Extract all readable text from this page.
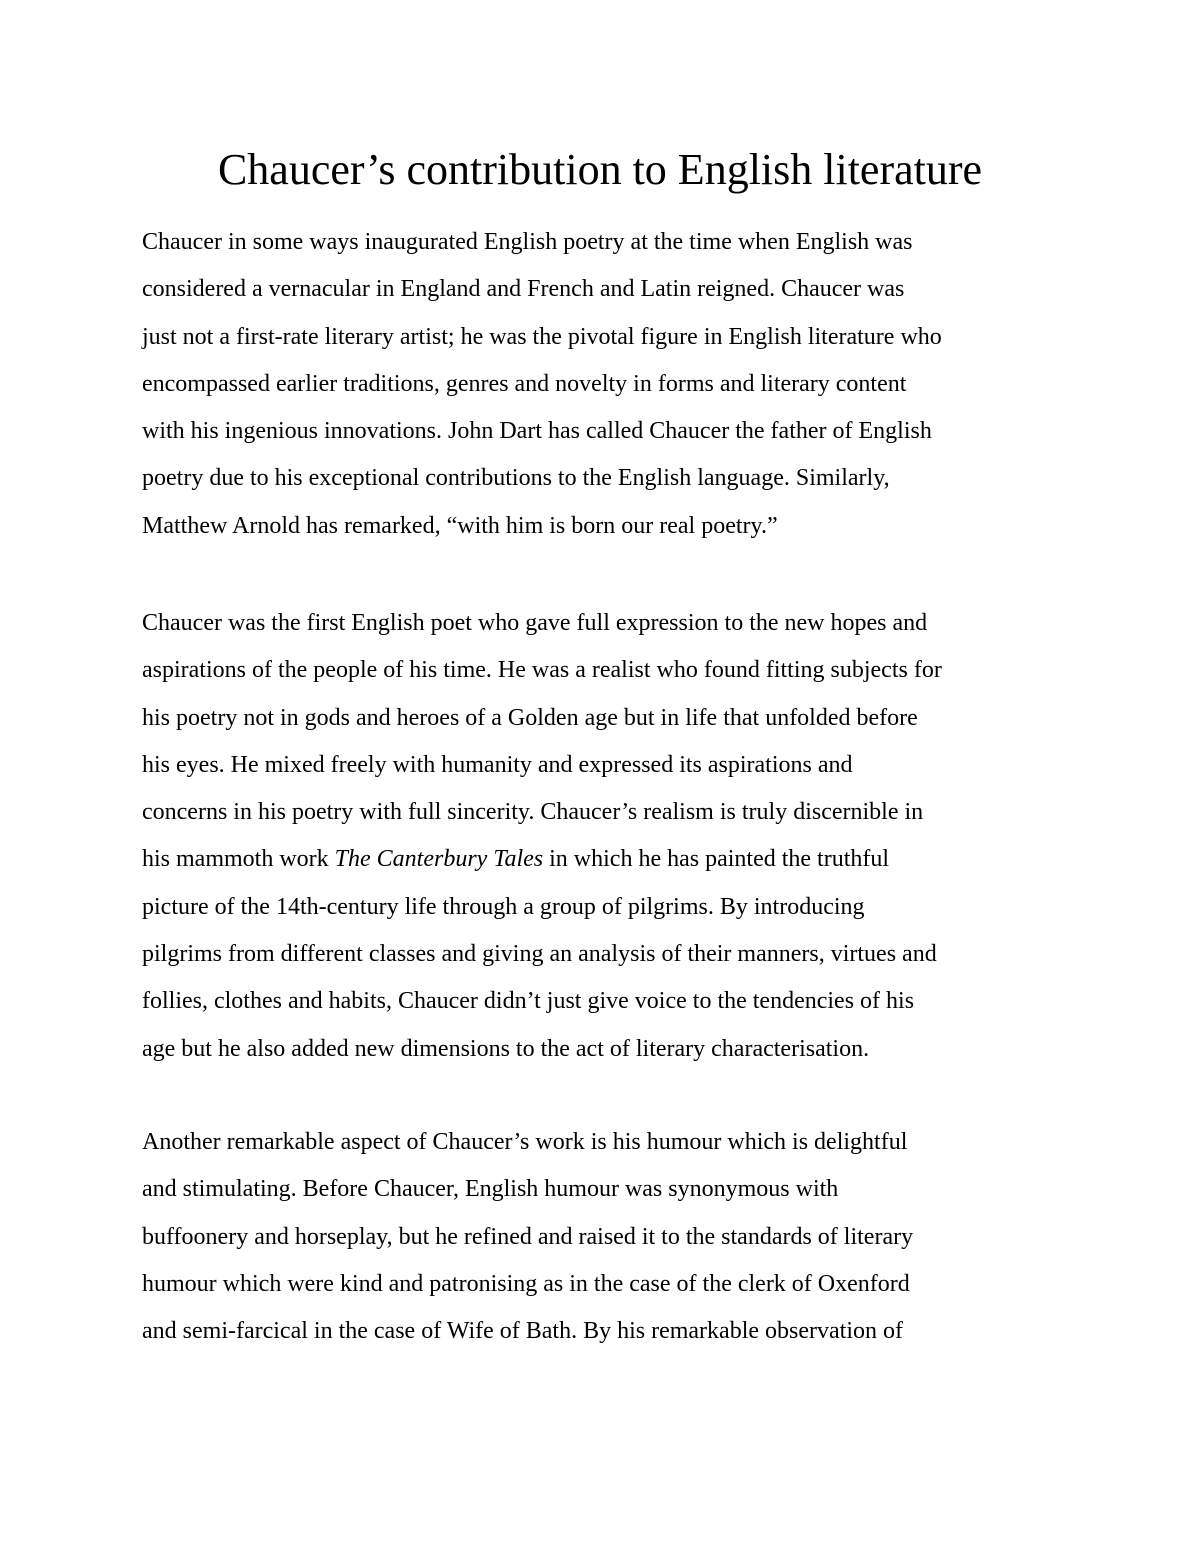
Chaucer’s contribution to English literature

Chaucer in some ways inaugurated English poetry at the time when English was
considered a vernacular in England and French and Latin reigned. Chaucer was
just not a first-rate literary artist; he was the pivotal figure in English literature who
encompassed earlier traditions, genres and novelty in forms and literary content
with his ingenious innovations. John Dart has called Chaucer the father of English
poetry due to his exceptional contributions to the English language. Similarly,
Matthew Arnold has remarked, “with him is born our real poetry.”

Chaucer was the first English poet who gave full expression to the new hopes and
aspirations of the people of his time. He was a realist who found fitting subjects for
his poetry not in gods and heroes of a Golden age but in life that unfolded before
his eyes. He mixed freely with humanity and expressed its aspirations and
concerns in his poetry with full sincerity. Chaucer’s realism is truly discernible in
his mammoth work The Canterbury Tales in which he has painted the truthful
picture of the 14th-century life through a group of pilgrims. By introducing
pilgrims from different classes and giving an analysis of their manners, virtues and
follies, clothes and habits, Chaucer didn’t just give voice to the tendencies of his
age but he also added new dimensions to the act of literary characterisation.

Another remarkable aspect of Chaucer’s work is his humour which is delightful
and stimulating. Before Chaucer, English humour was synonymous with
buffoonery and horseplay, but he refined and raised it to the standards of literary
humour which were kind and patronising as in the case of the clerk of Oxenford
and semi-farcical in the case of Wife of Bath. By his remarkable observation of
